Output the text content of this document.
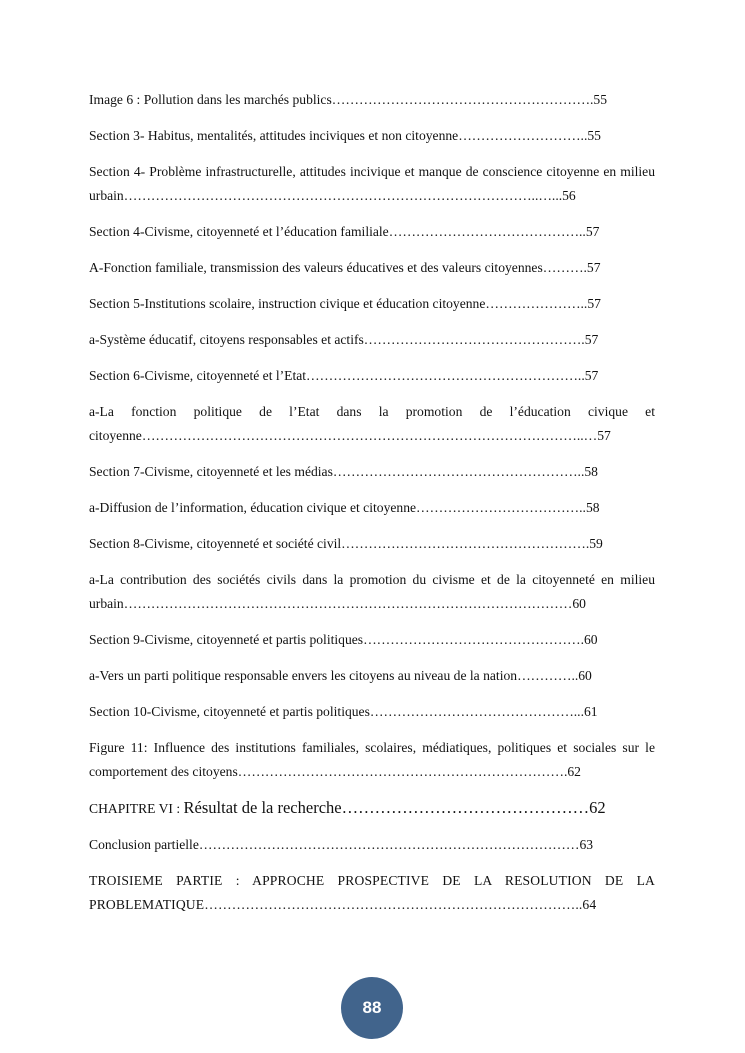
Image 6 : Pollution dans les marchés publics………………………………………………….55
Section 3- Habitus, mentalités, attitudes inciviques et non citoyenne………………………..55
Section 4- Problème infrastructurelle, attitudes incivique et manque de conscience citoyenne en milieu urbain………………………………………………………………………………..…...56
Section 4-Civisme, citoyenneté et l’éducation familiale……………………………………..57
A-Fonction familiale, transmission des valeurs éducatives et des valeurs citoyennes……….57
Section 5-Institutions scolaire, instruction civique et éducation citoyenne…………………..57
a-Système éducatif, citoyens responsables et actifs………………………………………….57
Section 6-Civisme, citoyenneté et l’Etat……………………………………………………..57
a-La fonction politique de l’Etat dans la promotion de l’éducation civique et citoyenne……………………………………………………………………………………..…57
Section 7-Civisme, citoyenneté et les médias………………………………………………..58
a-Diffusion de l’information, éducation civique et citoyenne………………………………..58
Section 8-Civisme, citoyenneté et société civil……………………………………………….59
a-La contribution des sociétés civils dans la promotion du civisme et de la citoyenneté en milieu urbain………………………………………………………………………………………60
Section 9-Civisme, citoyenneté et partis politiques………………………………………….60
a-Vers un parti politique responsable envers les citoyens au niveau de la nation…………..60
Section 10-Civisme, citoyenneté et partis politiques………………………………………...61
Figure 11: Influence des institutions familiales, scolaires, médiatiques, politiques et sociales sur le comportement des citoyens……………………………………………………………….62
CHAPITRE VI : Résultat de la recherche………………………………………62
Conclusion partielle…………………………………………………………………………63
TROISIEME PARTIE : APPROCHE PROSPECTIVE DE LA RESOLUTION DE LA PROBLEMATIQUE………………………………………………………………………..64
88
